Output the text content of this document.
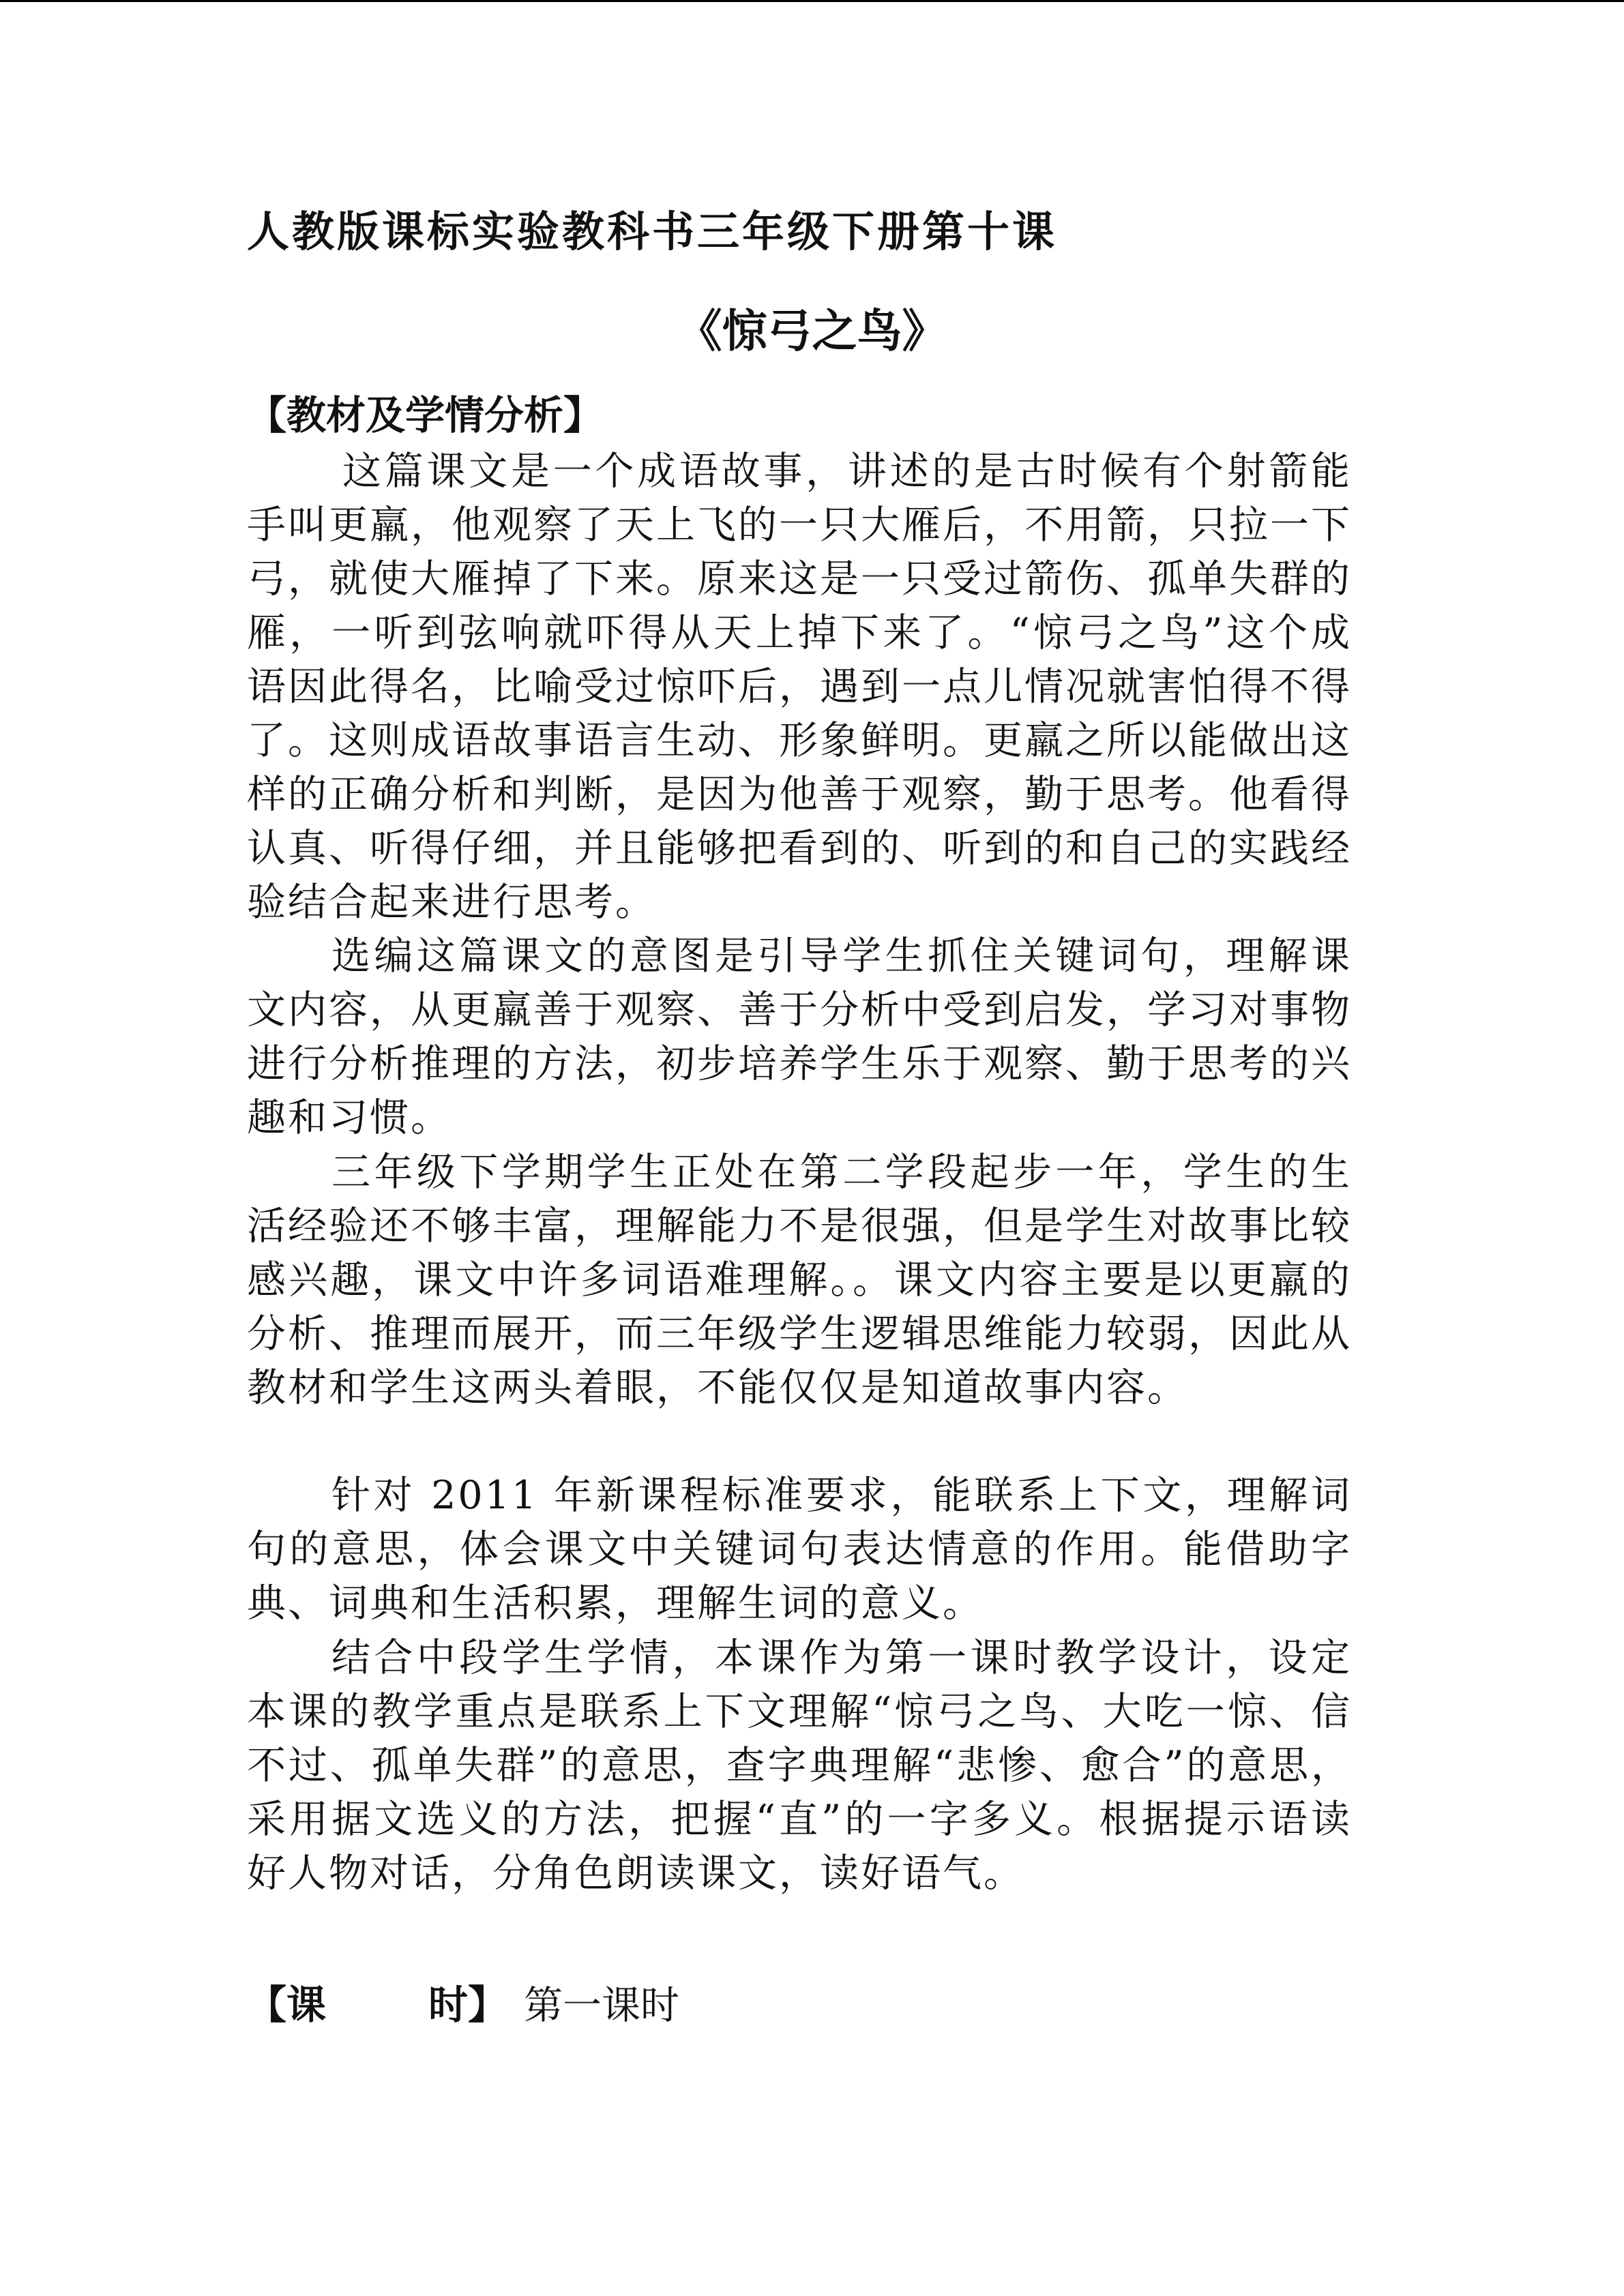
人教版课标实验教科书三年级下册第十课
《惊弓之鸟》
【教材及学情分析】

这篇课文是一个成语故事，讲述的是古时候有个射箭能手叫更羸，他观察了天上飞的一只大雁后，不用箭，只拉一下弓，就使大雁掉了下来。原来这是一只受过箭伤、孤单失群的雁，一听到弦响就吓得从天上掉下来了。“惊弓之鸟”这个成语因此得名，比喻受过惊吓后，遇到一点儿情况就害怕得不得了。这则成语故事语言生动、形象鲜明。更羸之所以能做出这样的正确分析和判断，是因为他善于观察，勤于思考。他看得认真、听得仔细，并且能够把看到的、听到的和自己的实践经验结合起来进行思考。

选编这篇课文的意图是引导学生抓住关键词句，理解课文内容，从更羸善于观察、善于分析中受到启发，学习对事物进行分析推理的方法，初步培养学生乐于观察、勤于思考的兴趣和习惯。

三年级下学期学生正处在第二学段起步一年，学生的生活经验还不够丰富，理解能力不是很强，但是学生对故事比较感兴趣，课文中许多词语难理解。。课文内容主要是以更羸的分析、推理而展开，而三年级学生逻辑思维能力较弱，因此从教材和学生这两头着眼，不能仅仅是知道故事内容。

针对 2011 年新课程标准要求，能联系上下文，理解词句的意思，体会课文中关键词句表达情意的作用。能借助字典、词典和生活积累，理解生词的意义。

结合中段学生学情，本课作为第一课时教学设计，设定本课的教学重点是联系上下文理解“惊弓之鸟、大吃一惊、信不过、孤单失群”的意思，查字典理解“悲惨、愈合”的意思，采用据文选义的方法，把握“直”的一字多义。根据提示语读好人物对话，分角色朗读课文，读好语气。

【课	时】 第一课时
